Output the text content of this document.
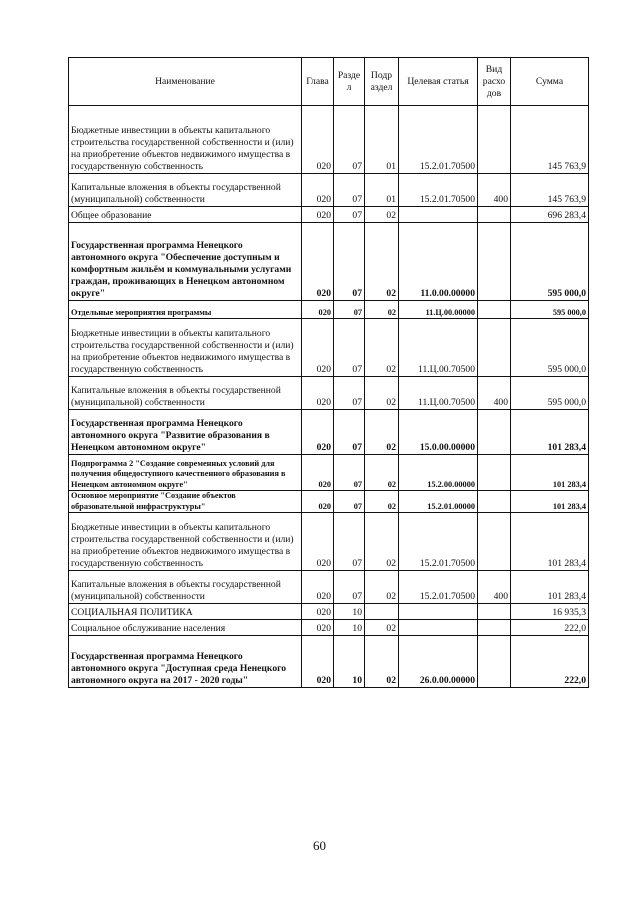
Наименование	Глава	Разде л	Подр аздел	Целевая статья	Вид расхо дов	Сумма
Бюджетные инвестиции в объекты капитального строительства государственной собственности и (или) на приобретение объектов недвижимого имущества в государственную собственность	020	07	01	15.2.01.70500		145 763,9
Капитальные вложения в объекты государственной (муниципальной) собственности	020	07	01	15.2.01.70500	400	145 763,9
Общее образование	020	07	02			696 283,4
Государственная программа Ненецкого автономного округа "Обеспечение доступным и комфортным жильём и коммунальными услугами граждан, проживающих в Ненецком автономном округе"	020	07	02	11.0.00.00000		595 000,0
Отдельные мероприятия программы	020	07	02	11.Ц.00.00000		595 000,0
Бюджетные инвестиции в объекты капитального строительства государственной собственности и (или) на приобретение объектов недвижимого имущества в государственную собственность	020	07	02	11.Ц.00.70500		595 000,0
Капитальные вложения в объекты государственной (муниципальной) собственности	020	07	02	11.Ц.00.70500	400	595 000,0
Государственная программа Ненецкого автономного округа "Развитие образования в Ненецком автономном округе"	020	07	02	15.0.00.00000		101 283,4
Подпрограмма 2 "Создание современных условий для получения общедоступного качественного образования в Ненецком автономном округе"	020	07	02	15.2.00.00000		101 283,4
Основное мероприятие "Создание объектов образовательной инфраструктуры"	020	07	02	15.2.01.00000		101 283,4
Бюджетные инвестиции в объекты капитального строительства государственной собственности и (или) на приобретение объектов недвижимого имущества в государственную собственность	020	07	02	15.2.01.70500		101 283,4
Капитальные вложения в объекты государственной (муниципальной) собственности	020	07	02	15.2.01.70500	400	101 283,4
СОЦИАЛЬНАЯ ПОЛИТИКА	020	10				16 935,3
Социальное обслуживание населения	020	10	02			222,0
Государственная программа Ненецкого автономного округа "Доступная среда Ненецкого автономного округа на 2017 - 2020 годы"	020	10	02	26.0.00.00000		222,0
60
